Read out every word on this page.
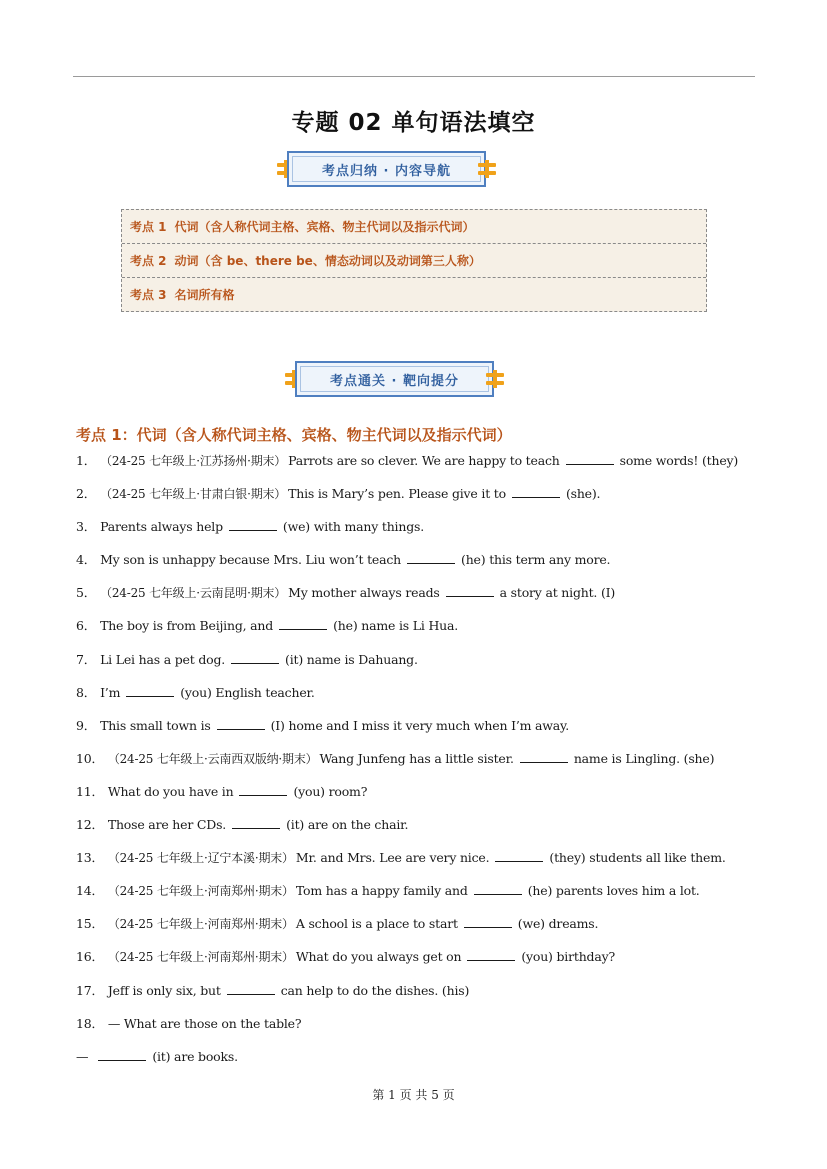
专题 02 单句语法填空
考点归纳 · 内容导航
考点 1 代词（含人称代词主格、宾格、物主代词以及指示代词）
考点 2 动词（含 be、there be、情态动词以及动词第三人称）
考点 3 名词所有格
考点通关 · 靶向提分
考点 1：代词（含人称代词主格、宾格、物主代词以及指示代词）
1． （24-25 七年级上·江苏扬州·期末） Parrots are so clever. We are happy to teach	some words! (they)
2． （24-25 七年级上·甘肃白银·期末） This is Mary’s pen. Please give it to	(she).
3． Parents always help	(we) with many things.
4． My son is unhappy because Mrs. Liu won’t teach	(he) this term any more.
5． （24-25 七年级上·云南昆明·期末） My mother always reads	a story at night. (I)
6． The boy is from Beijing, and	(he) name is Li Hua.
7． Li Lei has a pet dog.	(it) name is Dahuang.
8． I’m	(you) English teacher.
9． This small town is	(I) home and I miss it very much when I’m away.
10． （24-25 七年级上·云南西双版纳·期末） Wang Junfeng has a little sister.	name is Lingling. (she)
11． What do you have in	(you) room?
12． Those are her CDs.	(it) are on the chair.
13． （24-25 七年级上·辽宁本溪·期末） Mr. and Mrs. Lee are very nice.	(they) students all like them.
14． （24-25 七年级上·河南郑州·期末） Tom has a happy family and	(he) parents loves him a lot.
15． （24-25 七年级上·河南郑州·期末） A school is a place to start	(we) dreams.
16． （24-25 七年级上·河南郑州·期末） What do you always get on	(you) birthday?
17． Jeff is only six, but	can help to do the dishes. (his)
18． — What are those on the table?
—	(it) are books.
第 1 页 共 5 页
